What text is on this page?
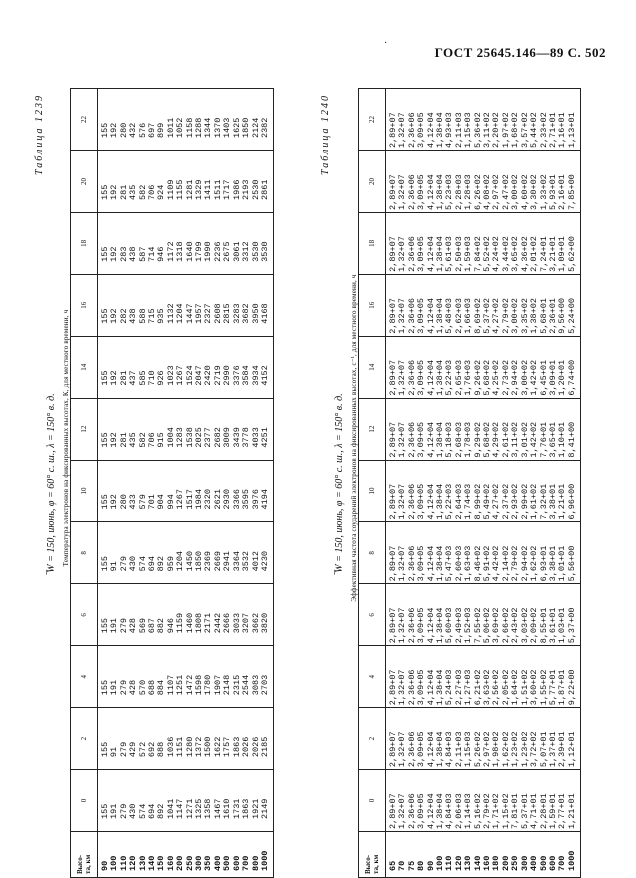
ГОСТ 25645.146—89 С. 502
·
Таблица 1239
̅W = 150, июнь, φ = 60° с. ш., λ = 150° в. д. Температура электронов на фиксированных высотах, К, для местного времени, ч
Высо-
та, км	0	2	4	6	8	10	12	14	16	18	20	22
90	155	155	155	155	155	155	155	155	155	155	155	155
100	191	91	191	191	91	192	192	192	192	192	192	192
110	279	279	279	279	279	280	281	281	282	283	281	280
120	430	429	428	428	430	433	435	437	438	438	435	432
130	574	572	570	569	574	579	582	585	588	587	582	576
140	694	692	688	687	694	701	706	710	715	714	706	697
150	892	888	884	882	892	904	915	926	935	946	924	899
160	1041	1036	1107	946	959	994	1004	1023	1132	1172	1109	1011
200	1147	1151	1251	1159	1204	1267	1283	1267	1204	1318	1155	1052
250	1271	1280	1472	1460	1450	1517	1538	1524	1447	1640	1281	1158
300	1325	1372	1598	1808	1850	1984	2025	2047	1957	1799	1329	1288
350	1358	1500	1780	2171	2369	2320	2377	2420	2327	1990	1411	1344
400	1467	1622	1907	2442	2669	2621	2682	2719	2608	2236	1511	1370
500	1610	1757	2148	2666	2941	2930	3009	2990	2815	2675	1717	1403
600	1731	1863	2315	3033	3364	3366	3439	3376	3283	3061	1986	1625
700	1863	2026	2544	3207	3532	3595	3778	3584	3682	3312	2193	1850
800	1921	2026	3083	3662	4012	3976	4033	3934	3950	3530	2530	2124
1000	2149	2185	2703	3820	4230	4194	4251	4152	4168	3530	2861	2382	Таблица 1240
̅W = 150, июнь, φ = 60° с. ш., λ = 150° в. д. Эффективная частота соударений электронов на фиксированных высотах, с⁻¹, для местного времени, ч
Высо-
та, км	0	2	4	6	8	10	12	14	16	18	20	22
65	2,89+07	2,89+07	2,89+07	2,89+07	2,89+07	2,89+07	2,89+07	2,89+07	2,89+07	2,89+07	2,89+07	2,89+07
70	1,32+07	1,32+07	1,32+07	1,32+07	1,32+07	1,32+07	1,32+07	1,32+07	1,32+07	1,32+07	1,32+07	1,32+07
75	2,36+06	2,36+06	2,36+06	2,36+06	2,36+06	2,36+06	2,36+06	2,36+06	2,36+06	2,36+06	2,36+06	2,36+06
80	3,09+05	3,09+05	3,09+05	3,09+05	3,09+05	3,09+05	3,09+05	3,09+05	3,09+05	3,09+05	3,09+05	3,09+05
90	4,12+04	4,12+04	4,12+04	4,12+04	4,12+04	4,12+04	4,12+04	4,12+04	4,12+04	4,12+04	4,12+04	4,12+04
100	1,38+04	1,38+04	1,38+04	1,38+04	1,38+04	1,38+04	1,38+04	1,38+04	1,38+04	1,38+04	1,38+04	1,38+04
110	4,84+03	4,84+03	5,24+03	5,60+03	5,47+03	5,22+03	5,18+03	5,22+03	5,48+03	5,61+03	5,23+03	4,93+03
120	2,06+03	2,11+03	2,27+03	2,49+03	2,60+03	2,64+03	2,68+03	2,65+03	2,62+03	2,50+03	2,28+03	2,11+03
130	1,14+03	1,15+03	1,27+03	1,52+03	1,63+03	1,74+03	1,78+03	1,76+03	1,66+03	1,59+03	1,28+03	1,15+03
140	5,16+02	5,26+02	6,21+02	7,55+02	8,46+02	8,99+02	9,29+02	9,26+02	8,69+02	7,84+02	6,26+02	5,36+02
160	2,79+02	2,97+02	3,63+02	5,06+02	5,91+02	5,49+02	5,68+02	5,68+02	5,37+02	5,52+02	4,08+02	3,11+02
180	1,71+02	1,98+02	2,56+02	3,69+02	4,42+02	4,27+02	4,29+02	4,25+02	4,27+02	4,24+02	2,97+02	2,20+02
200	1,15+02	1,62+02	2,05+02	2,66+02	2,14+02	2,37+02	2,61+02	2,73+02	2,79+02	3,44+02	2,47+02	1,97+02
250	7,81+01	1,23+02	1,64+02	2,43+02	2,79+02	2,93+02	3,11+02	2,94+02	3,00+02	3,65+02	3,00+02	1,68+02
300	5,37+01	1,23+02	1,51+02	3,03+02	2,94+02	2,99+02	3,01+02	3,00+02	3,35+02	4,36+02	4,60+02	3,57+02
400	4,71+01	3,72+02	3,60+02	2,09+02	1,62+02	1,61+02	1,42+02	1,42+02	1,38+02	2,01+02	3,30+02	5,44+02
500	2,28+01	5,07+01	1,55+02	8,55+01	6,93+01	7,32+01	7,76+01	6,45+01	5,68+01	7,24+01	1,33+02	2,33+02
600	1,59+01	1,37+01	5,77+01	3,61+01	3,38+01	3,38+01	3,65+01	3,09+01	2,36+01	3,21+01	5,93+01	2,71+01
700	2,77+01	2,39+01	1,87+01	1,03+01	1,01+01	1,21+01	1,10+01	1,20+01	9,56+00	1,09+01	2,16+01	1,16+01
1000	1,21+01	1,12+01	9,22+00	5,37+00	5,56+00	6,96+00	8,41+00	6,74+00	5,24+00	5,62+00	7,85+00	1,13+01
